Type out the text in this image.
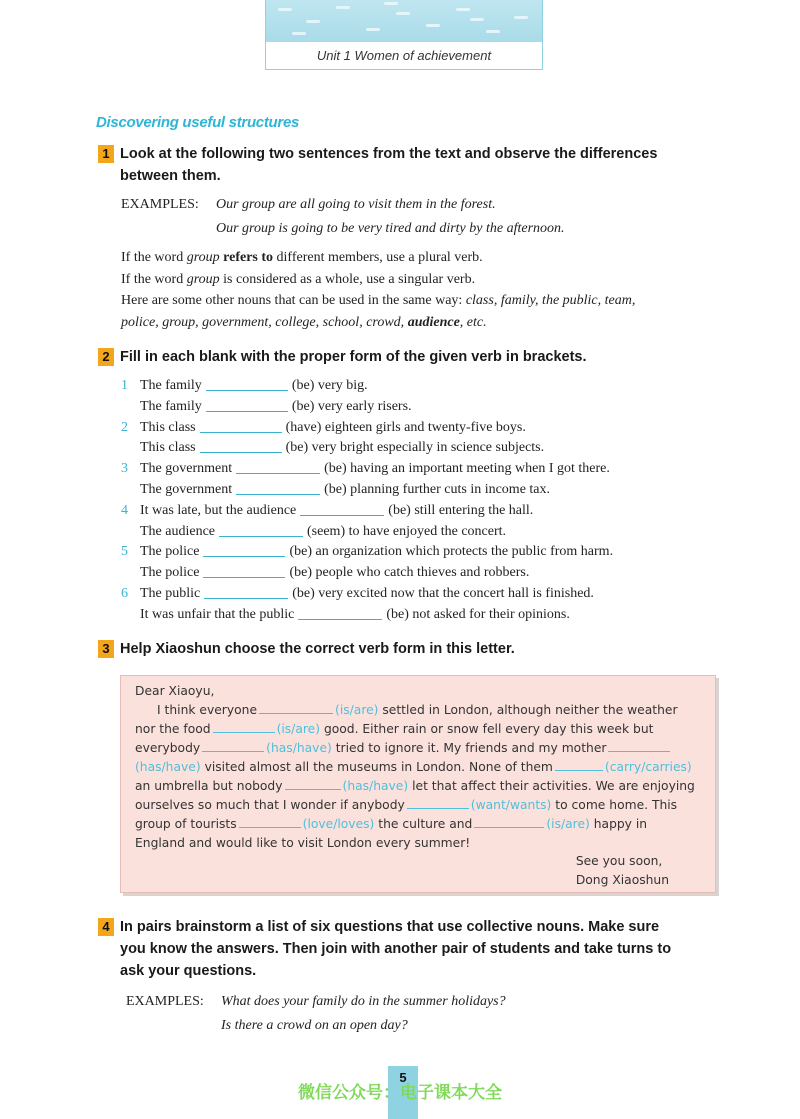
Unit 1 Women of achievement
Discovering useful structures
1 Look at the following two sentences from the text and observe the differences
between them.
EXAMPLES: Our group are all going to visit them in the forest.
Our group is going to be very tired and dirty by the afternoon.
If the word group refers to different members, use a plural verb.
If the word group is considered as a whole, use a singular verb.
Here are some other nouns that can be used in the same way: class, family, the public, team,
police, group, government, college, school, crowd, audience, etc.
2 Fill in each blank with the proper form of the given verb in brackets.
1 The family	(be) very big.
The family	(be) very early risers.
2 This class	(have) eighteen girls and twenty-five boys.
This class	(be) very bright especially in science subjects.
3 The government	(be) having an important meeting when I got there.
The government	(be) planning further cuts in income tax.
4 It was late, but the audience	(be) still entering the hall.
The audience	(seem) to have enjoyed the concert.
5 The police	(be) an organization which protects the public from harm.
The police	(be) people who catch thieves and robbers.
6 The public	(be) very excited now that the concert hall is finished.
It was unfair that the public	(be) not asked for their opinions.
3 Help Xiaoshun choose the correct verb form in this letter.
Dear Xiaoyu,
I think everyone	(is/are) settled in London, although neither the weather
nor the food	(is/are) good. Either rain or snow fell every day this week but
everybody	(has/have) tried to ignore it. My friends and my mother
(has/have) visited almost all the museums in London. None of them	(carry/carries)
an umbrella but nobody	(has/have) let that affect their activities. We are enjoying
ourselves so much that I wonder if anybody	(want/wants) to come home. This
group of tourists	(love/loves) the culture and	(is/are) happy in
England and would like to visit London every summer!
See you soon,
Dong Xiaoshun
4 In pairs brainstorm a list of six questions that use collective nouns. Make sure
you know the answers. Then join with another pair of students and take turns to
ask your questions.
EXAMPLES: What does your family do in the summer holidays?
Is there a crowd on an open day?
5
微信公众号：电子课本大全
